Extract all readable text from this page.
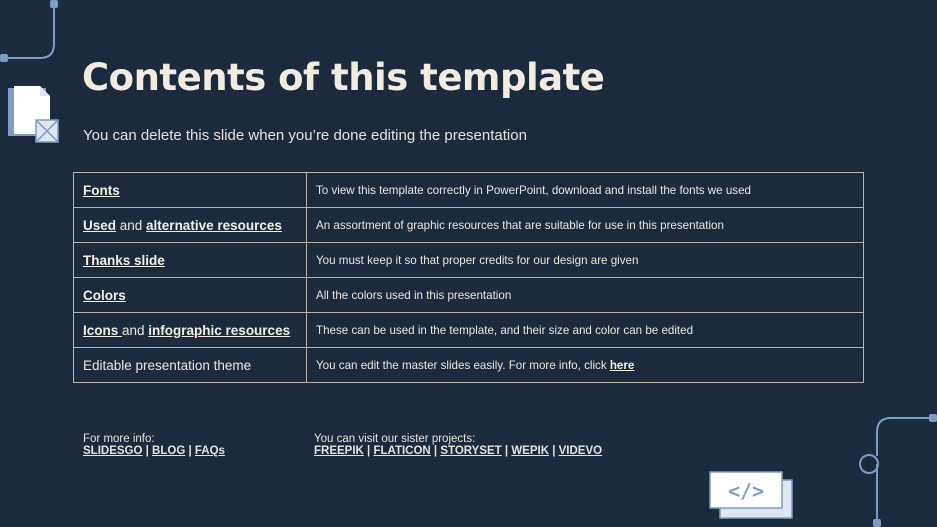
Contents of this template

You can delete this slide when you’re done editing the presentation

Fonts	To view this template correctly in PowerPoint, download and install the fonts we used
Used and alternative resources	An assortment of graphic resources that are suitable for use in this presentation
Thanks slide	You must keep it so that proper credits for our design are given
Colors	All the colors used in this presentation
Icons and infographic resources	These can be used in the template, and their size and color can be edited
Editable presentation theme	You can edit the master slides easily. For more info, click here
For more info:
SLIDESGO | BLOG | FAQs
You can visit our sister projects:
FREEPIK | FLATICON | STORYSET | WEPIK | VIDEVO
</>
